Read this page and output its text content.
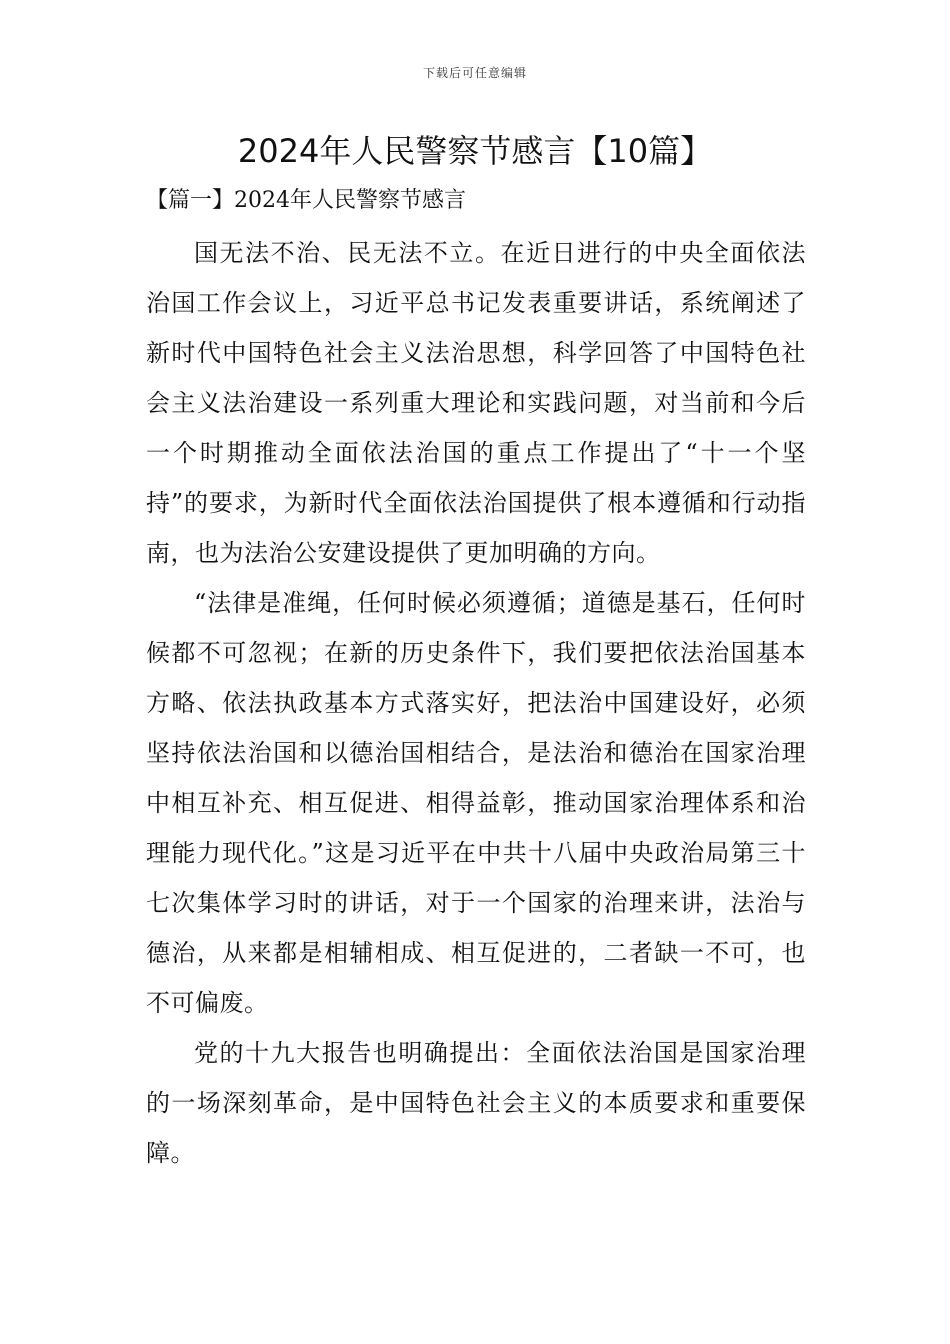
下载后可任意编辑
2024年人民警察节感言【10篇】
【篇一】2024年人民警察节感言

国无法不治、民无法不立。在近日进行的中央全面依法治国工作会议上，习近平总书记发表重要讲话，系统阐述了新时代中国特色社会主义法治思想，科学回答了中国特色社会主义法治建设一系列重大理论和实践问题，对当前和今后一个时期推动全面依法治国的重点工作提出了“十一个坚持”的要求，为新时代全面依法治国提供了根本遵循和行动指南，也为法治公安建设提供了更加明确的方向。

“法律是准绳，任何时候必须遵循；道德是基石，任何时候都不可忽视；在新的历史条件下，我们要把依法治国基本方略、依法执政基本方式落实好，把法治中国建设好，必须坚持依法治国和以德治国相结合，是法治和德治在国家治理中相互补充、相互促进、相得益彰，推动国家治理体系和治理能力现代化。”这是习近平在中共十八届中央政治局第三十七次集体学习时的讲话，对于一个国家的治理来讲，法治与德治，从来都是相辅相成、相互促进的，二者缺一不可，也不可偏废。

党的十九大报告也明确提出：全面依法治国是国家治理的一场深刻革命，是中国特色社会主义的本质要求和重要保障。
